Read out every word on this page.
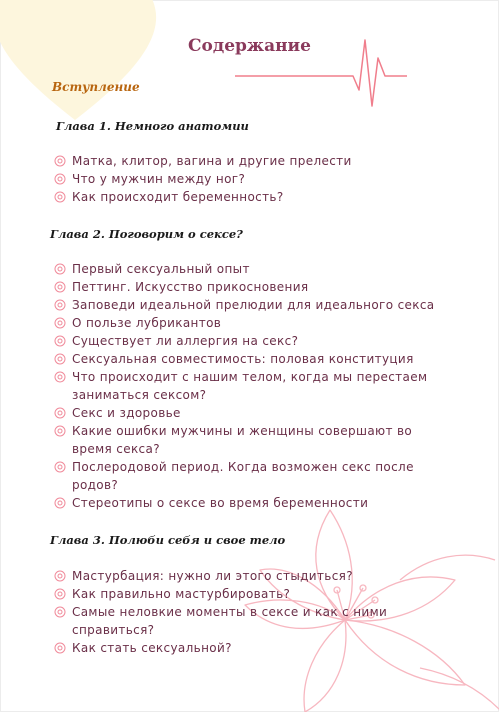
Содержание
Вступление
Глава 1. Немного анатомии
Матка, клитор, вагина и другие прелести
Что у мужчин между ног?
Как происходит беременность?
Глава 2. Поговорим о сексе?
Первый сексуальный опыт
Петтинг. Искусство прикосновения
Заповеди идеальной прелюдии для идеального секса
О пользе лубрикантов
Существует ли аллергия на секс?
Сексуальная совместимость: половая конституция
Что происходит с нашим телом, когда мы перестаем заниматься сексом?
Секс и здоровье
Какие ошибки мужчины и женщины совершают во время секса?
Послеродовой период. Когда возможен секс после родов?
Стереотипы о сексе во время беременности
Глава 3. Полюби себя и свое тело
Мастурбация: нужно ли этого стыдиться?
Как правильно мастурбировать?
Самые неловкие моменты в сексе и как с ними справиться?
Как стать сексуальной?
